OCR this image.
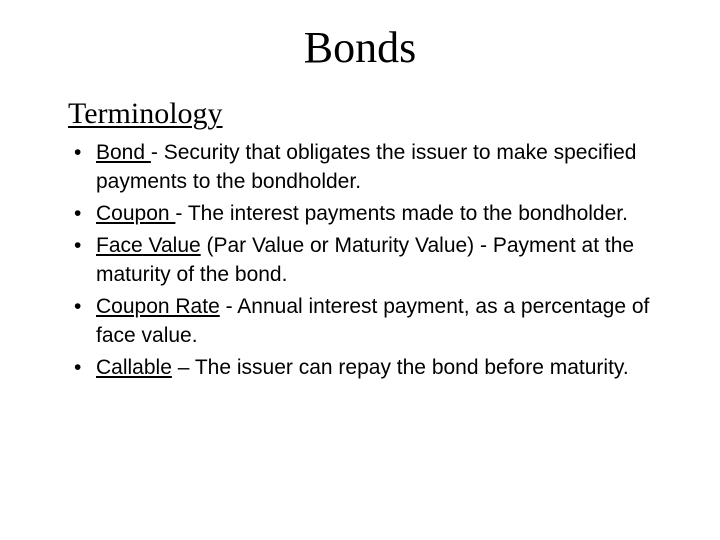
Bonds
Terminology
• Bond - Security that obligates the issuer to make specified payments to the bondholder.
• Coupon - The interest payments made to the bondholder.
• Face Value (Par Value or Maturity Value) - Payment at the maturity of the bond.
• Coupon Rate - Annual interest payment, as a percentage of face value.
• Callable – The issuer can repay the bond before maturity.
